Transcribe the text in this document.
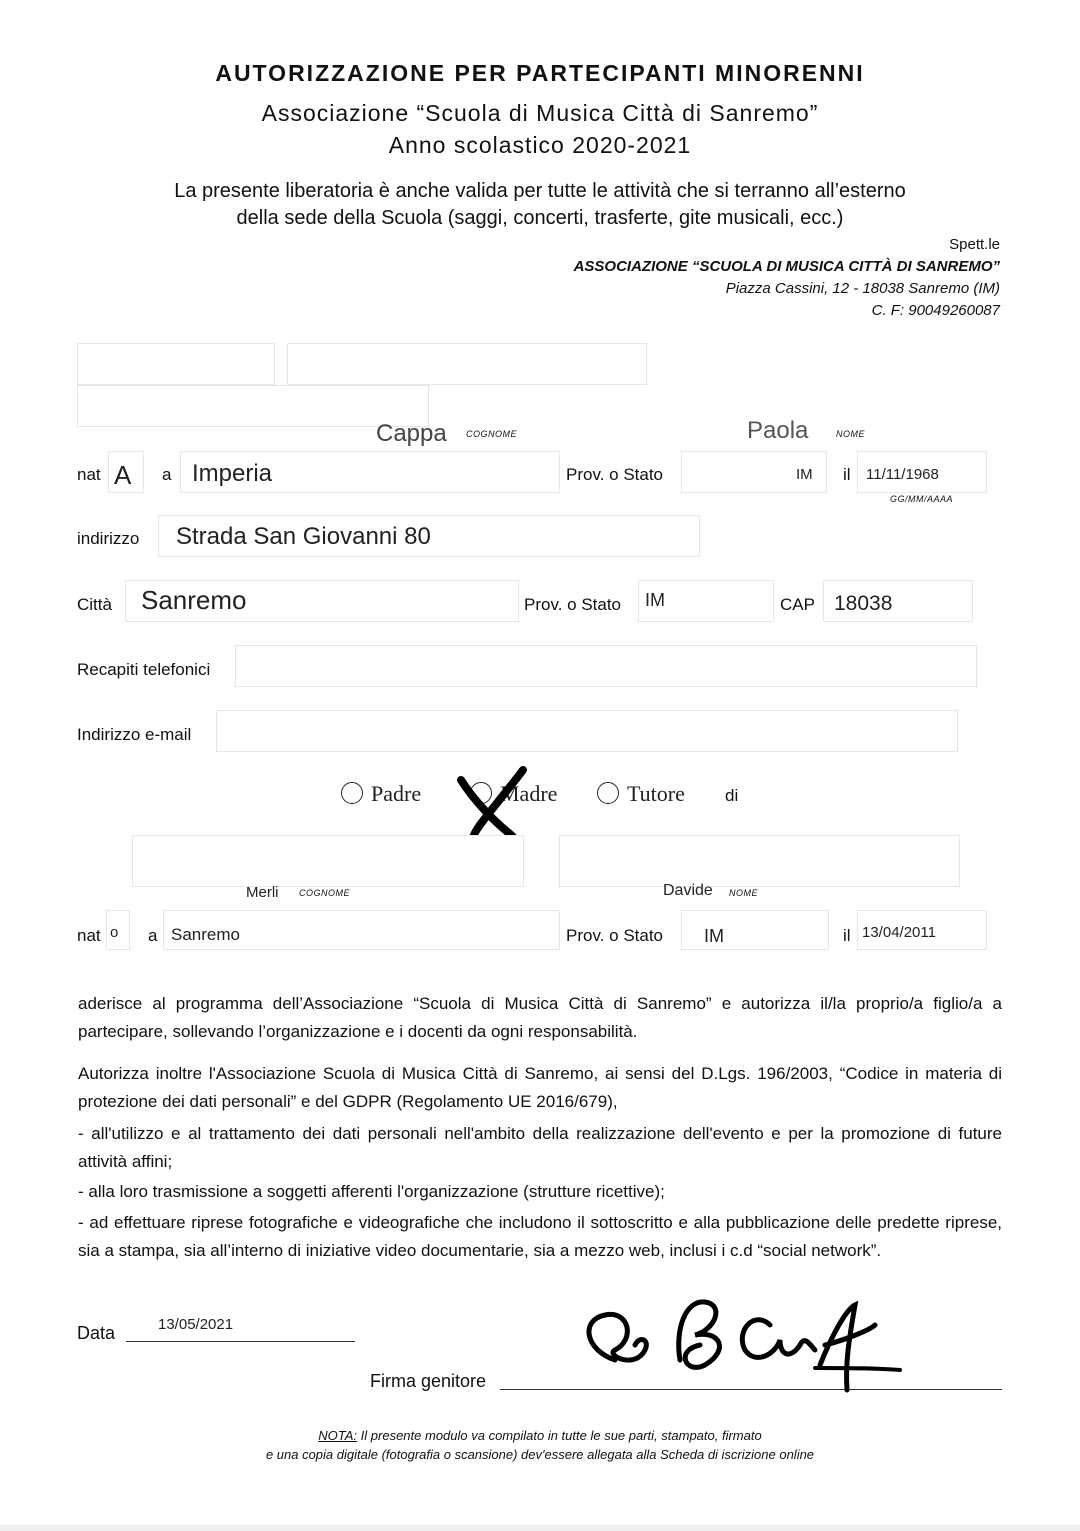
AUTORIZZAZIONE PER PARTECIPANTI MINORENNI
Associazione “Scuola di Musica Città di Sanremo”
Anno scolastico 2020-2021
La presente liberatoria è anche valida per tutte le attività che si terranno all’esterno
della sede della Scuola (saggi, concerti, trasferte, gite musicali, ecc.)
Spett.le
ASSOCIAZIONE “SCUOLA DI MUSICA CITTÀ DI SANREMO”
Piazza Cassini, 12 - 18038 Sanremo (IM)
C. F: 90049260087
Cappa COGNOME	Paola	NOME
nat A a Imperia	Prov. o Stato	IM il 11/11/1968
GG/MM/AAAA
indirizzo Strada San Giovanni 80
Città Sanremo	Prov. o Stato IM	CAP 18038
Recapiti telefonici
Indirizzo e-mail
Padre	Madre	Tutore di
Merli COGNOME	Davide NOME
nat o a Sanremo	Prov. o Stato IM	il 13/04/2011
aderisce al programma dell’Associazione “Scuola di Musica Città di Sanremo” e autorizza il/la proprio/a figlio/a a partecipare, sollevando l’organizzazione e i docenti da ogni responsabilità.
Autorizza inoltre l'Associazione Scuola di Musica Città di Sanremo, ai sensi del D.Lgs. 196/2003, “Codice in materia di protezione dei dati personali” e del GDPR (Regolamento UE 2016/679),
- all'utilizzo e al trattamento dei dati personali nell'ambito della realizzazione dell'evento e per la promozione di future attività affini;
- alla loro trasmissione a soggetti afferenti l'organizzazione (strutture ricettive);
- ad effettuare riprese fotografiche e videografiche che includono il sottoscritto e alla pubblicazione delle predette riprese, sia a stampa, sia all’interno di iniziative video documentarie, sia a mezzo web, inclusi i c.d “social network”.
Data	13/05/2021
Firma genitore
NOTA: Il presente modulo va compilato in tutte le sue parti, stampato, firmato
e una copia digitale (fotografia o scansione) dev'essere allegata alla Scheda di iscrizione online
